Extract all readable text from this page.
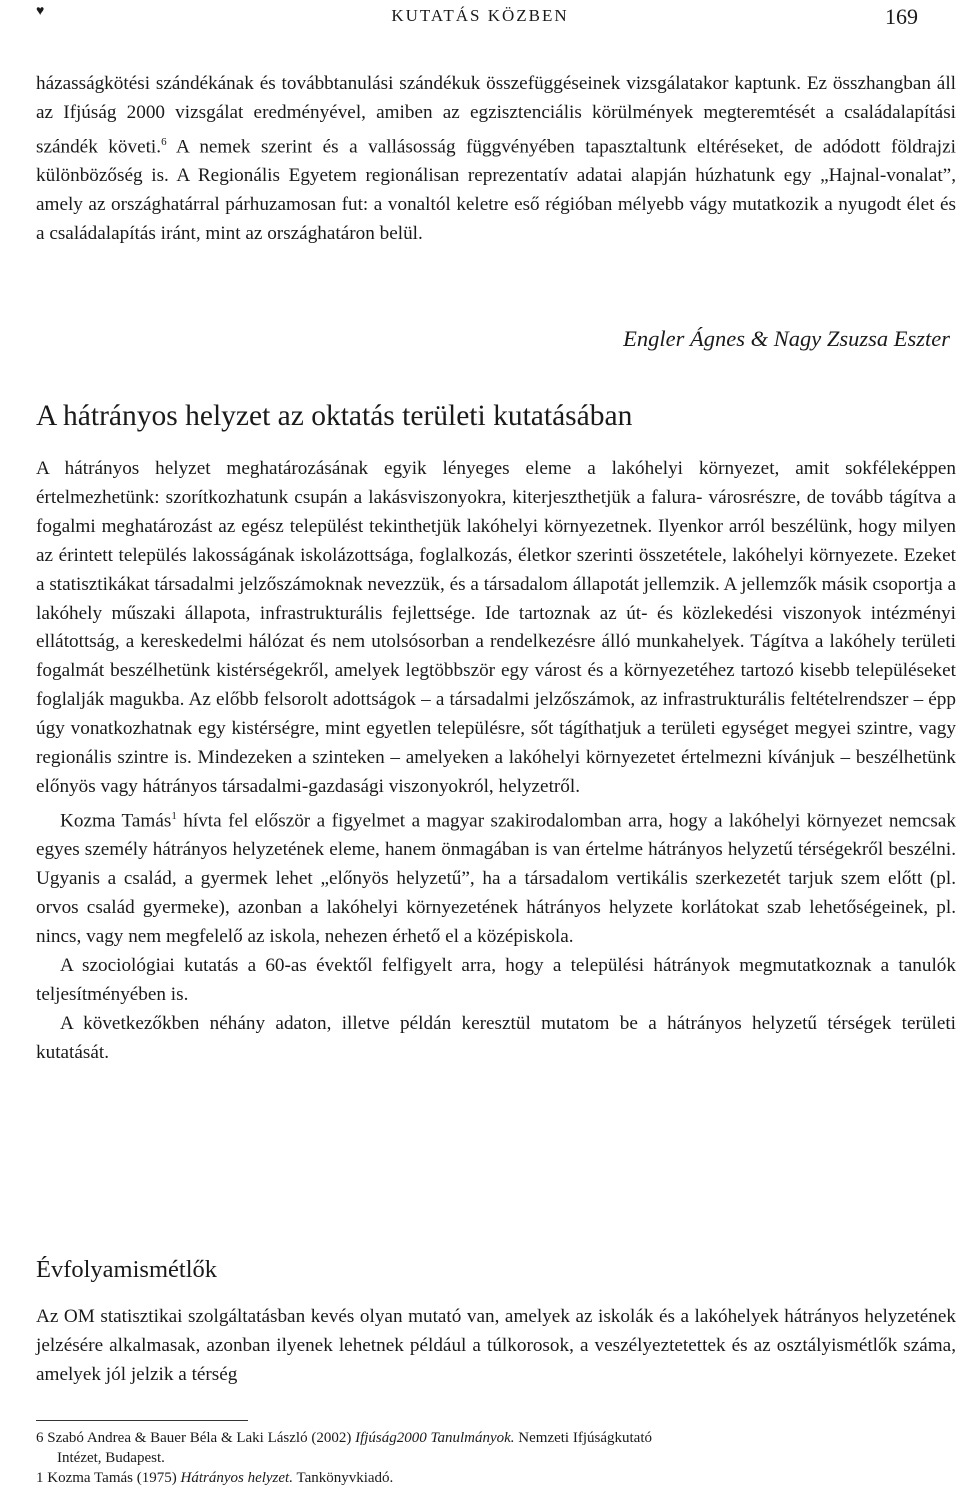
♥	KUTATÁS KÖZBEN	169

házasságkötési szándékának és továbbtanulási szándékuk összefüggéseinek vizsgálatakor kaptunk. Ez összhangban áll az Ifjúság 2000 vizsgálat eredményével, amiben az egzisztenciális körülmények megteremtését a családalapítási szándék követi.$^6$ A nemek szerint és a vallásosság függvényében tapasztaltunk eltéréseket, de adódott földrajzi különbözőség is. A Regionális Egyetem regionálisan reprezentatív adatai alapján húzhatunk egy „Hajnal-vonalat”, amely az országhatárral párhuzamosan fut: a vonaltól keletre eső régióban mélyebb vágy mutatkozik a nyugodt élet és a családalapítás iránt, mint az országhatáron belül.

Engler Ágnes & Nagy Zsuzsa Eszter

A hátrányos helyzet az oktatás területi kutatásában

A hátrányos helyzet meghatározásának egyik lényeges eleme a lakóhelyi környezet, amit sokféleképpen értelmezhetünk: szorítkozhatunk csupán a lakásviszonyokra, kiterjeszthetjük a falura- városrészre, de tovább tágítva a fogalmi meghatározást az egész települést tekinthetjük lakóhelyi környezetnek. Ilyenkor arról beszélünk, hogy milyen az érintett település lakosságának iskolázottsága, foglalkozás, életkor szerinti összetétele, lakóhelyi környezete. Ezeket a statisztikákat társadalmi jelzőszámoknak nevezzük, és a társadalom állapotát jellemzik. A jellemzők másik csoportja a lakóhely műszaki állapota, infrastrukturális fejlettsége. Ide tartoznak az út- és közlekedési viszonyok intézményi ellátottság, a kereskedelmi hálózat és nem utolsósorban a rendelkezésre álló munkahelyek. Tágítva a lakóhely területi fogalmát beszélhetünk kistérségekről, amelyek legtöbbször egy várost és a környezetéhez tartozó kisebb településeket foglalják magukba. Az előbb felsorolt adottságok – a társadalmi jelzőszámok, az infrastrukturális feltételrendszer – épp úgy vonatkozhatnak egy kistérségre, mint egyetlen településre, sőt tágíthatjuk a területi egységet megyei szintre, vagy regionális szintre is. Mindezeken a szinteken – amelyeken a lakóhelyi környezetet értelmezni kívánjuk – beszélhetünk előnyös vagy hátrányos társadalmi-gazdasági viszonyokról, helyzetről.

Kozma Tamás$^1$ hívta fel először a figyelmet a magyar szakirodalomban arra, hogy a lakóhelyi környezet nemcsak egyes személy hátrányos helyzetének eleme, hanem önmagában is van értelme hátrányos helyzetű térségekről beszélni. Ugyanis a család, a gyermek lehet „előnyös helyzetű”, ha a társadalom vertikális szerkezetét tarjuk szem előtt (pl. orvos család gyermeke), azonban a lakóhelyi környezetének hátrányos helyzete korlátokat szab lehetőségeinek, pl. nincs, vagy nem megfelelő az iskola, nehezen érhető el a középiskola.

A szociológiai kutatás a 60-as évektől felfigyelt arra, hogy a települési hátrányok megmutatkoznak a tanulók teljesítményében is.

A következőkben néhány adaton, illetve példán keresztül mutatom be a hátrányos helyzetű térségek területi kutatását.

Évfolyamismétlők

Az OM statisztikai szolgáltatásban kevés olyan mutató van, amelyek az iskolák és a lakóhelyek hátrányos helyzetének jelzésére alkalmasak, azonban ilyenek lehetnek például a túlkorosok, a veszélyeztetettek és az osztályismétlők száma, amelyek jól jelzik a térség

6 Szabó Andrea & Bauer Béla & Laki László (2002) Ifjúság2000 Tanulmányok. Nemzeti Ifjúságkutató

Intézet, Budapest.

1 Kozma Tamás (1975) Hátrányos helyzet. Tankönyvkiadó.
